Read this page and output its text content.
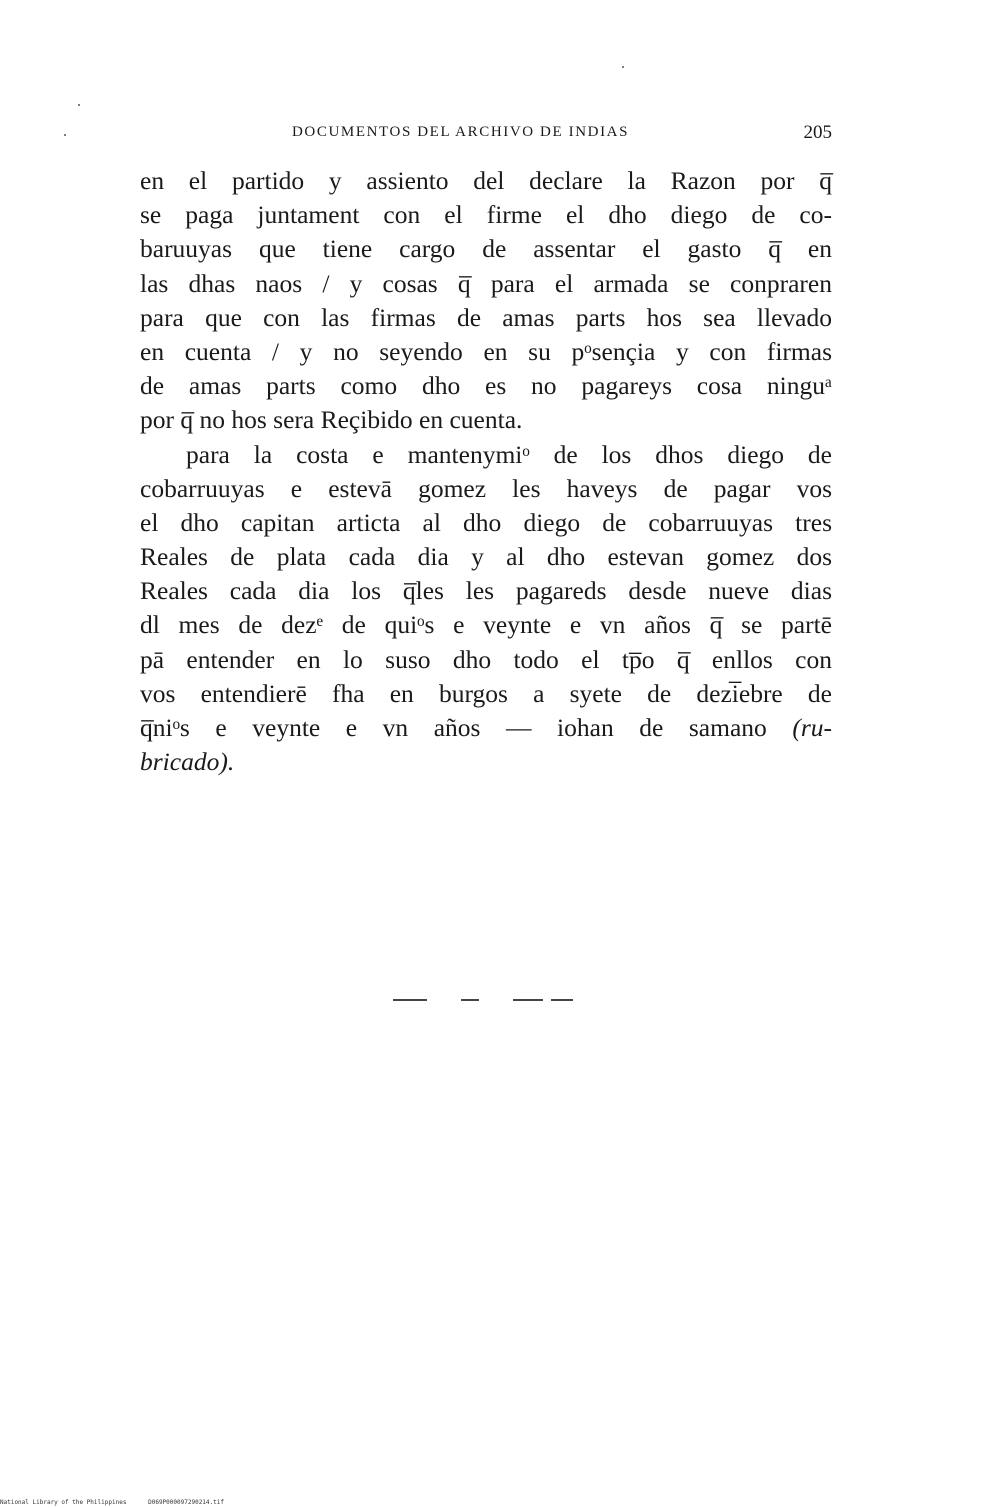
DOCUMENTOS DEL ARCHIVO DE INDIAS	205
en el partido y assiento del declare la Razon por q̅
se paga juntament con el firme el dho diego de co-
baruuyas que tiene cargo de assentar el gasto q̅ en
las dhas naos / y cosas q̅ para el armada se conpraren
para que con las firmas de amas parts hos sea llevado
en cuenta / y no seyendo en su pᵒsençia y con firmas
de amas parts como dho es no pagareys cosa ninguᵃ
por q̅ no hos sera Reçibido en cuenta.
para la costa e mantenymiᵒ de los dhos diego de
cobarruuyas e estevā gomez les haveys de pagar vos
el dho capitan articta al dho diego de cobarruuyas tres
Reales de plata cada dia y al dho estevan gomez dos
Reales cada dia los q̅les les pagareds desde nueve dias
dl mes de dezᵉ de quiᵒs e veynte e vn años q̅ se partē
pā entender en lo suso dho todo el tp̅o q̅ enllos con
vos entendierē fha en burgos a syete de dezi̅ebre de
q̅niᵒs e veynte e vn años — iohan de samano (ru-
bricado).
National Library of the Philippines	D069P000097290214.tif
